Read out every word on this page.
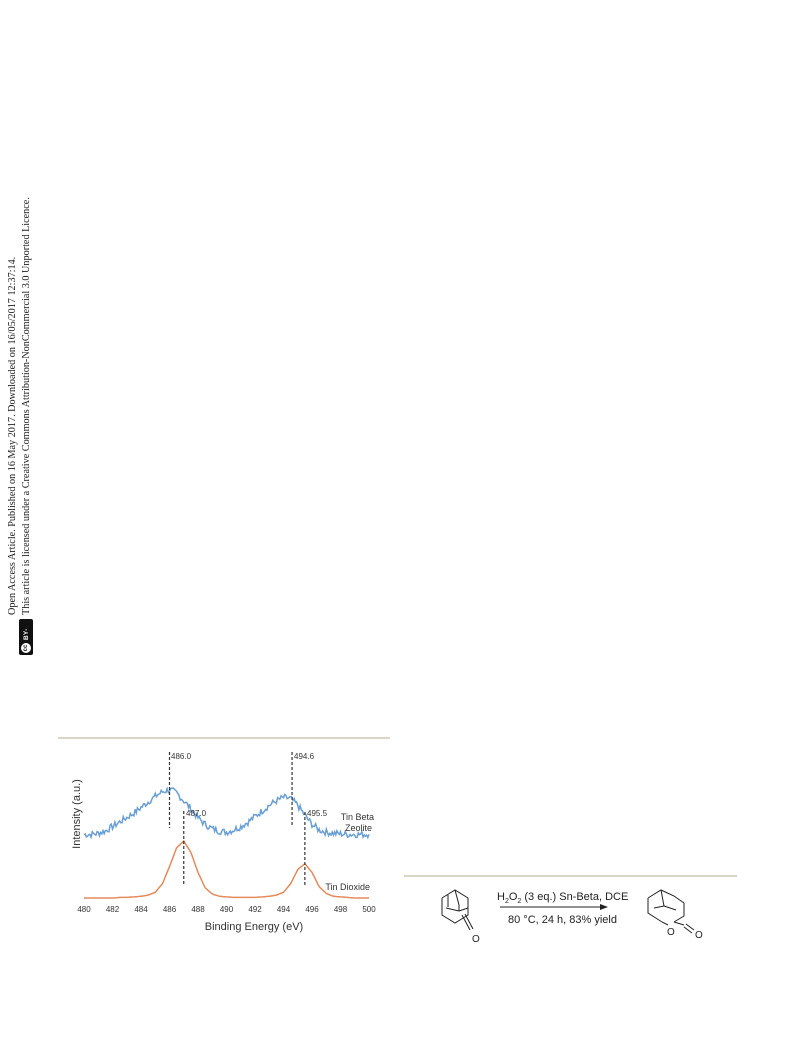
cc
BY-NC
Open Access Article. Published on 16 May 2017. Downloaded on 16/05/2017 12:37:14. This article is licensed under a Creative Commons Attribution-NonCommercial 3.0 Unported Licence.
486.0
487.0
494.6
495.5
480 482 484 486 488 490 492 494 496 498 500
Binding Energy (eV)
Intensity (a.u.)	Tin Beta
Zeolite
Tin Dioxide
O
$H_2O_2$ (3 eq.) Sn-Beta, DCE
80 °C, 24 h, 83% yield
O O
